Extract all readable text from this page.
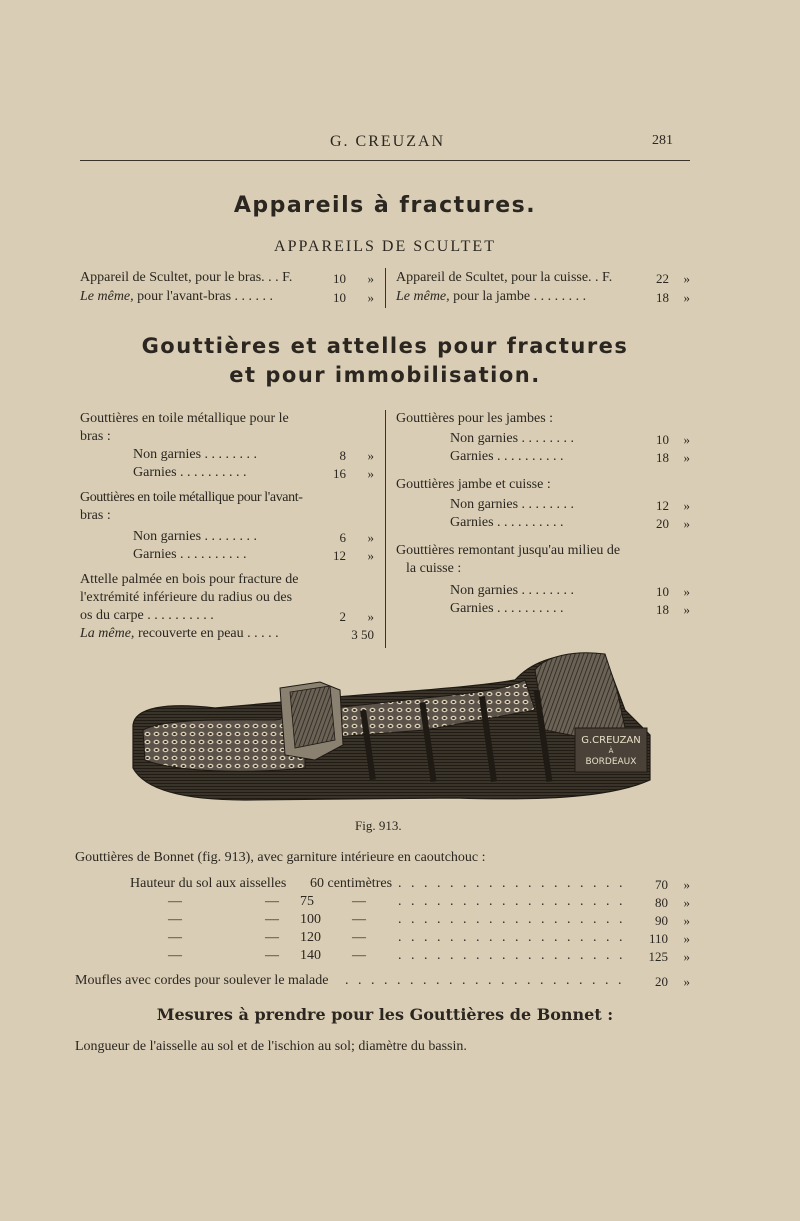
G. CREUZAN	281
Appareils à fractures.
APPAREILS DE SCULTET
Appareil de Scultet, pour le bras. . . F.	10	»
Le même, pour l'avant-bras . . . . . .	10	»
Appareil de Scultet, pour la cuisse. . F.	22	»
Le même, pour la jambe . . . . . . . .	18	»
Gouttières et attelles pour fractures
et pour immobilisation.
Gouttières en toile métallique pour le
bras :
Non garnies . . . . . . . .	8	»
Garnies . . . . . . . . . .	16	»
Gouttières en toile métallique pour l'avant-
bras :
Non garnies . . . . . . . .	6	»
Garnies . . . . . . . . . .	12	»
Attelle palmée en bois pour fracture de
l'extrémité inférieure du radius ou des
os du carpe . . . . . . . . . .	2	»
La même, recouverte en peau . . . . .	3 50
Gouttières pour les jambes :
Non garnies . . . . . . . .	10	»
Garnies . . . . . . . . . .	18	»
Gouttières jambe et cuisse :
Non garnies . . . . . . . .	12	»
Garnies . . . . . . . . . .	20	»
Gouttières remontant jusqu'au milieu de
la cuisse :
Non garnies . . . . . . . .	10	»
Garnies . . . . . . . . . .	18	»
G.CREUZAN
À
BORDEAUX
Fig. 913.
Gouttières de Bonnet (fig. 913), avec garniture intérieure en caoutchouc :
Hauteur du sol aux aisselles 60 centimètres . . . . . . . . . . . . . . . . . .	70	»
—	— 75	— . . . . . . . . . . . . . . . . . .	80	»
—	— 100 — . . . . . . . . . . . . . . . . . .	90	»
—	— 120 — . . . . . . . . . . . . . . . . . .	110	»
—	— 140 — . . . . . . . . . . . . . . . . . .	125	»
Moufles avec cordes pour soulever le malade . . . . . . . . . . . . . . . . . . . . . .	20	»
Mesures à prendre pour les Gouttières de Bonnet :
Longueur de l'aisselle au sol et de l'ischion au sol; diamètre du bassin.
